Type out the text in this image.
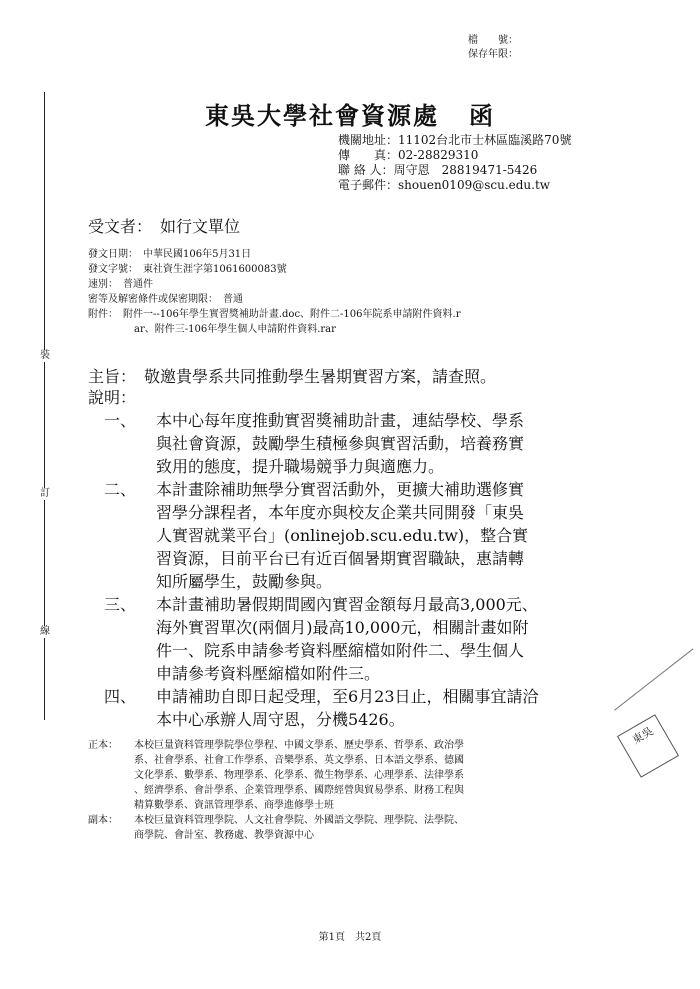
裝
訂
線
檔　　號：
保存年限：
東吳大學社會資源處 函
機關地址：11102台北市士林區臨溪路70號
傳　　真：02-28829310
聯 絡 人：周守恩　28819471-5426
電子郵件：shouen0109@scu.edu.tw
受文者：　如行文單位
發文日期：　中華民國106年5月31日
發文字號：　東社資生涯字第1061600083號
速別：　普通件
密等及解密條件或保密期限：　普通
附件：　附件一--106年學生實習獎補助計畫.doc、附件二-106年院系申請附件資料.r
ar、附件三-106年學生個人申請附件資料.rar
主旨：　敬邀貴學系共同推動學生暑期實習方案，請查照。
說明：
一、	本中心每年度推動實習獎補助計畫，連結學校、學系
與社會資源，鼓勵學生積極參與實習活動，培養務實
致用的態度，提升職場競爭力與適應力。
二、	本計畫除補助無學分實習活動外，更擴大補助選修實
習學分課程者，本年度亦與校友企業共同開發「東吳
人實習就業平台」(onlinejob.scu.edu.tw)，整合實
習資源，目前平台已有近百個暑期實習職缺，惠請轉
知所屬學生，鼓勵參與。
三、	本計畫補助暑假期間國內實習金額每月最高3,000元、
海外實習單次(兩個月)最高10,000元，相關計畫如附
件一、院系申請參考資料壓縮檔如附件二、學生個人
申請參考資料壓縮檔如附件三。
四、	申請補助自即日起受理，至6月23日止，相關事宜請洽
本中心承辦人周守恩，分機5426。
正本：	本校巨量資料管理學院學位學程、中國文學系、歷史學系、哲學系、政治學
系、社會學系、社會工作學系、音樂學系、英文學系、日本語文學系、德國
文化學系、數學系、物理學系、化學系、微生物學系、心理學系、法律學系
、經濟學系、會計學系、企業管理學系、國際經營與貿易學系、財務工程與
精算數學系、資訊管理學系、商學進修學士班
副本：	本校巨量資料管理學院、人文社會學院、外國語文學院、理學院、法學院、
商學院、會計室、教務處、教學資源中心
東吳
第1頁　共2頁
